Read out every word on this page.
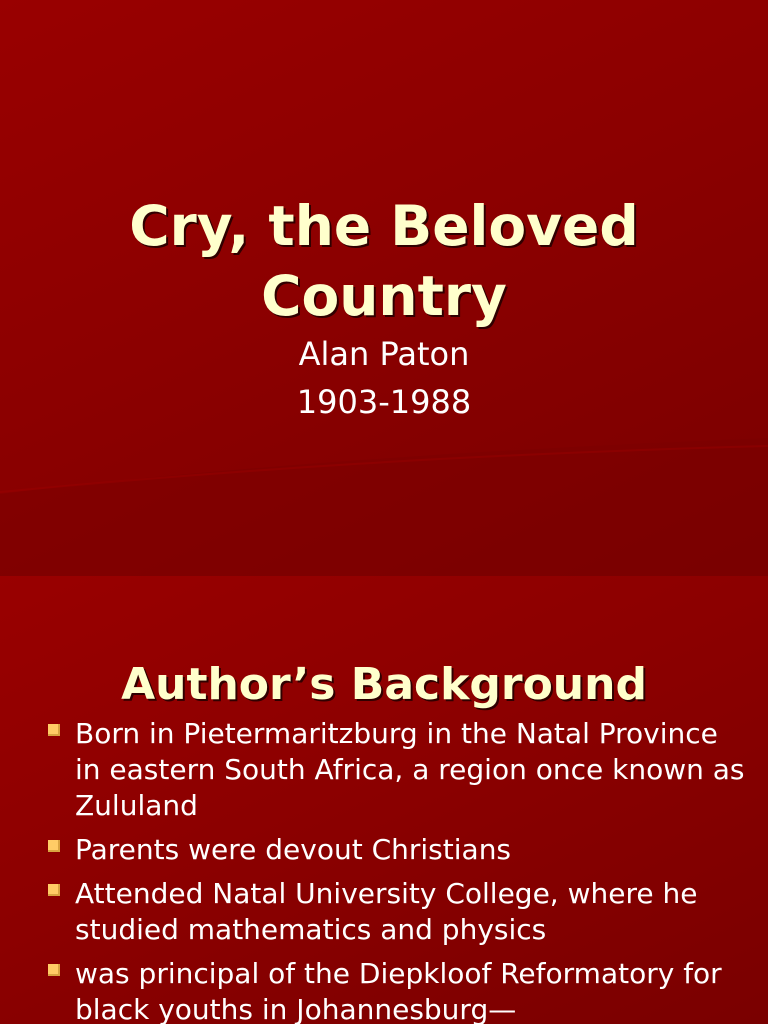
Cry, the Beloved
Country
Alan Paton
1903-1988
Author’s Background
Born in Pietermaritzburg in the Natal Province in eastern South Africa, a region once known as Zululand
Parents were devout Christians
Attended Natal University College, where he studied mathematics and physics
was principal of the Diepkloof Reformatory for black youths in Johannesburg—
